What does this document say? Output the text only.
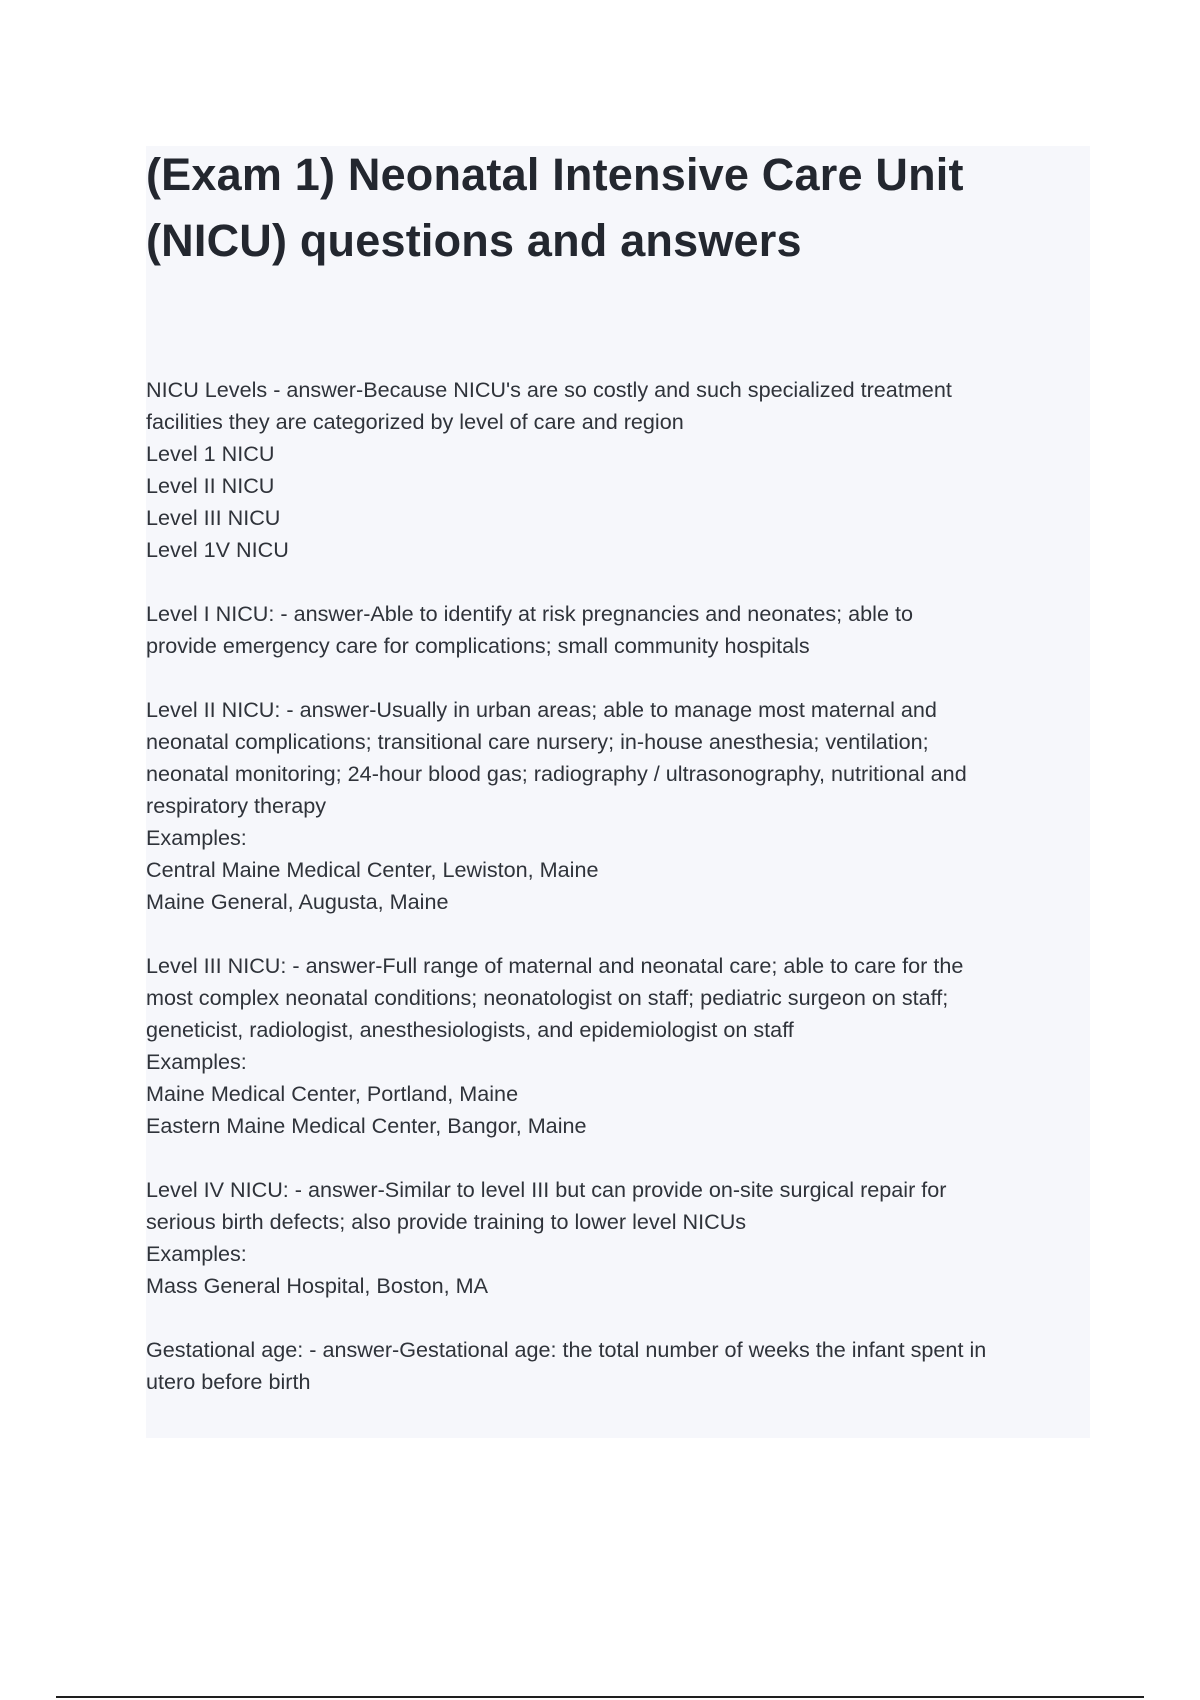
(Exam 1) Neonatal Intensive Care Unit
(NICU) questions and answers
NICU Levels - answer-Because NICU's are so costly and such specialized treatment
facilities they are categorized by level of care and region
Level 1 NICU
Level II NICU
Level III NICU
Level 1V NICU
Level I NICU: - answer-Able to identify at risk pregnancies and neonates; able to
provide emergency care for complications; small community hospitals
Level II NICU: - answer-Usually in urban areas; able to manage most maternal and
neonatal complications; transitional care nursery; in-house anesthesia; ventilation;
neonatal monitoring; 24-hour blood gas; radiography / ultrasonography, nutritional and
respiratory therapy
Examples:
Central Maine Medical Center, Lewiston, Maine
Maine General, Augusta, Maine
Level III NICU: - answer-Full range of maternal and neonatal care; able to care for the
most complex neonatal conditions; neonatologist on staff; pediatric surgeon on staff;
geneticist, radiologist, anesthesiologists, and epidemiologist on staff
Examples:
Maine Medical Center, Portland, Maine
Eastern Maine Medical Center, Bangor, Maine
Level IV NICU: - answer-Similar to level III but can provide on-site surgical repair for
serious birth defects; also provide training to lower level NICUs
Examples:
Mass General Hospital, Boston, MA
Gestational age: - answer-Gestational age: the total number of weeks the infant spent in
utero before birth
